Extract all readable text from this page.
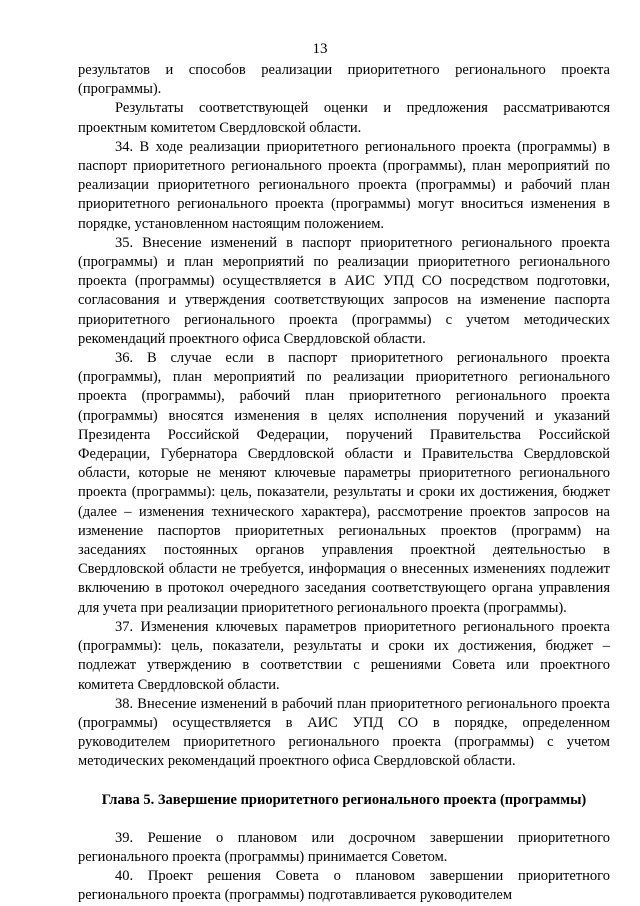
13

результатов и способов реализации приоритетного регионального проекта (программы).

Результаты соответствующей оценки и предложения рассматриваются проектным комитетом Свердловской области.

34. В ходе реализации приоритетного регионального проекта (программы) в паспорт приоритетного регионального проекта (программы), план мероприятий по реализации приоритетного регионального проекта (программы) и рабочий план приоритетного регионального проекта (программы) могут вноситься изменения в порядке, установленном настоящим положением.

35. Внесение изменений в паспорт приоритетного регионального проекта (программы) и план мероприятий по реализации приоритетного регионального проекта (программы) осуществляется в АИС УПД СО посредством подготовки, согласования и утверждения соответствующих запросов на изменение паспорта приоритетного регионального проекта (программы) с учетом методических рекомендаций проектного офиса Свердловской области.

36. В случае если в паспорт приоритетного регионального проекта (программы), план мероприятий по реализации приоритетного регионального проекта (программы), рабочий план приоритетного регионального проекта (программы) вносятся изменения в целях исполнения поручений и указаний Президента Российской Федерации, поручений Правительства Российской Федерации, Губернатора Свердловской области и Правительства Свердловской области, которые не меняют ключевые параметры приоритетного регионального проекта (программы): цель, показатели, результаты и сроки их достижения, бюджет (далее – изменения технического характера), рассмотрение проектов запросов на изменение паспортов приоритетных региональных проектов (программ) на заседаниях постоянных органов управления проектной деятельностью в Свердловской области не требуется, информация о внесенных изменениях подлежит включению в протокол очередного заседания соответствующего органа управления для учета при реализации приоритетного регионального проекта (программы).

37. Изменения ключевых параметров приоритетного регионального проекта (программы): цель, показатели, результаты и сроки их достижения, бюджет – подлежат утверждению в соответствии с решениями Совета или проектного комитета Свердловской области.

38. Внесение изменений в рабочий план приоритетного регионального проекта (программы) осуществляется в АИС УПД СО в порядке, определенном руководителем приоритетного регионального проекта (программы) с учетом методических рекомендаций проектного офиса Свердловской области.

Глава 5. Завершение приоритетного регионального проекта (программы)

39. Решение о плановом или досрочном завершении приоритетного регионального проекта (программы) принимается Советом.

40. Проект решения Совета о плановом завершении приоритетного регионального проекта (программы) подготавливается руководителем
